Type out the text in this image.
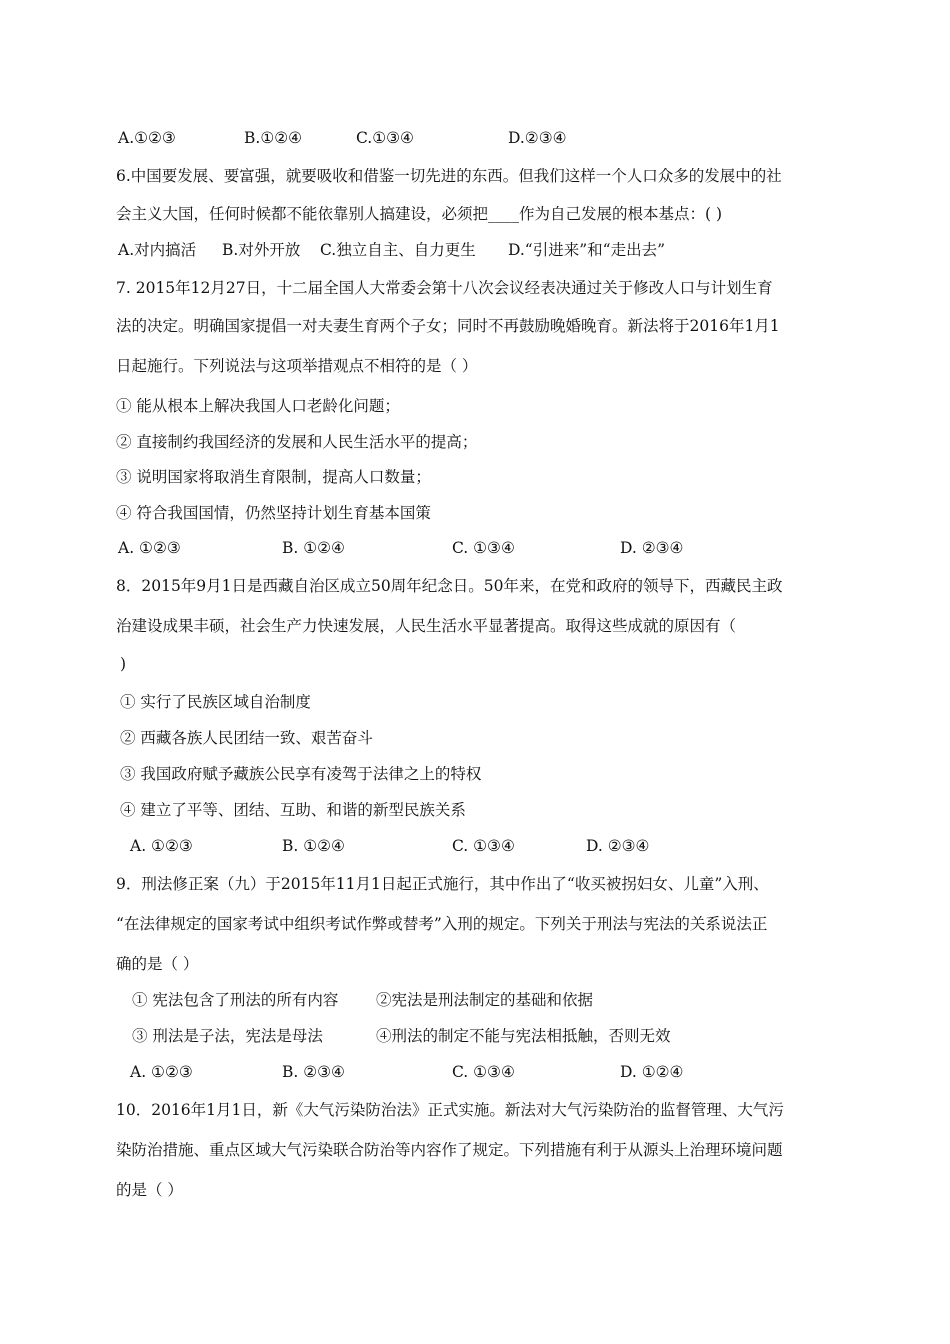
A.①②③	B.①②④	C.①③④	D.②③④
6.中国要发展、要富强，就要吸收和借鉴一切先进的东西。但我们这样一个人口众多的发展中的社
会主义大国，任何时候都不能依靠别人搞建设，必须把____作为自己发展的根本基点：( )
A.对内搞活 B.对外开放 C.独立自主、自力更生 D.“引进来”和“走出去”
7. 2015年12月27日，十二届全国人大常委会第十八次会议经表决通过关于修改人口与计划生育
法的决定。明确国家提倡一对夫妻生育两个子女；同时不再鼓励晚婚晚育。新法将于2016年1月1
日起施行。下列说法与这项举措观点不相符的是（ ）
① 能从根本上解决我国人口老龄化问题；
② 直接制约我国经济的发展和人民生活水平的提高；
③ 说明国家将取消生育限制，提高人口数量；
④ 符合我国国情，仍然坚持计划生育基本国策
A. ①②③	B. ①②④	C. ①③④	D. ②③④
8．2015年9月1日是西藏自治区成立50周年纪念日。50年来，在党和政府的领导下，西藏民主政
治建设成果丰硕，社会生产力快速发展，人民生活水平显著提高。取得这些成就的原因有（
)
① 实行了民族区域自治制度
② 西藏各族人民团结一致、艰苦奋斗
③ 我国政府赋予藏族公民享有凌驾于法律之上的特权
④ 建立了平等、团结、互助、和谐的新型民族关系
A. ①②③	B. ①②④	C. ①③④	D. ②③④
9．刑法修正案（九）于2015年11月1日起正式施行，其中作出了“收买被拐妇女、儿童”入刑、
“在法律规定的国家考试中组织考试作弊或替考”入刑的规定。下列关于刑法与宪法的关系说法正
确的是（ ）
① 宪法包含了刑法的所有内容 ②宪法是刑法制定的基础和依据
③ 刑法是子法，宪法是母法	④刑法的制定不能与宪法相抵触，否则无效
A. ①②③	B. ②③④	C. ①③④	D. ①②④
10．2016年1月1日，新《大气污染防治法》正式实施。新法对大气污染防治的监督管理、大气污
染防治措施、重点区域大气污染联合防治等内容作了规定。下列措施有利于从源头上治理环境问题
的是（ ）
